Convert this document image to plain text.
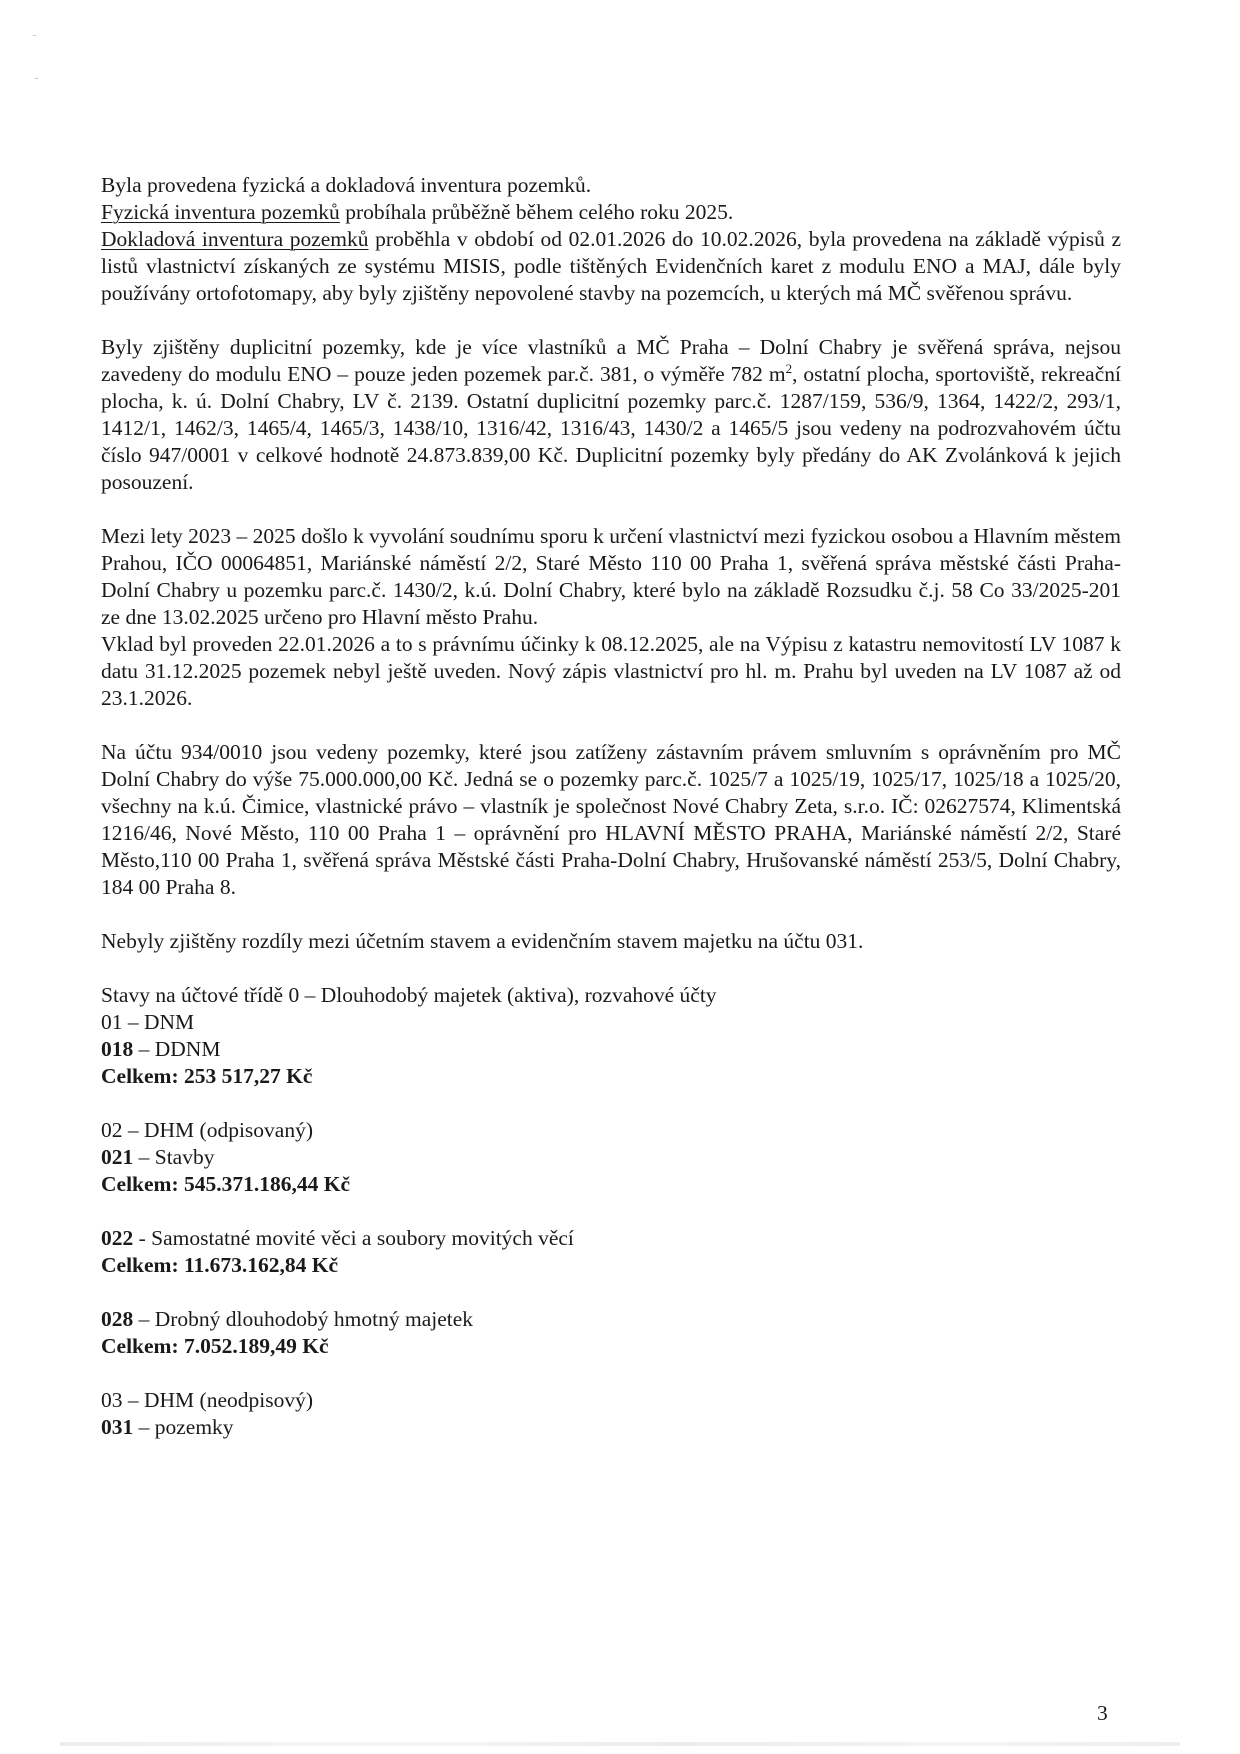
Byla provedena fyzická a dokladová inventura pozemků.

Fyzická inventura pozemků probíhala průběžně během celého roku 2025.

Dokladová inventura pozemků proběhla v období od 02.01.2026 do 10.02.2026, byla provedena na základě výpisů z listů vlastnictví získaných ze systému MISIS, podle tištěných Evidenčních karet z modulu ENO a MAJ, dále byly používány ortofotomapy, aby byly zjištěny nepovolené stavby na pozemcích, u kterých má MČ svěřenou správu.

Byly zjištěny duplicitní pozemky, kde je více vlastníků a MČ Praha – Dolní Chabry je svěřená správa, nejsou zavedeny do modulu ENO – pouze jeden pozemek par.č. 381, o výměře 782 $m^2$, ostatní plocha, sportoviště, rekreační plocha, k. ú. Dolní Chabry, LV č. 2139. Ostatní duplicitní pozemky parc.č. 1287/159, 536/9, 1364, 1422/2, 293/1, 1412/1, 1462/3, 1465/4, 1465/3, 1438/10, 1316/42, 1316/43, 1430/2 a 1465/5 jsou vedeny na podrozvahovém účtu číslo 947/0001 v celkové hodnotě 24.873.839,00 Kč. Duplicitní pozemky byly předány do AK Zvolánková k jejich posouzení.

Mezi lety 2023 – 2025 došlo k vyvolání soudnímu sporu k určení vlastnictví mezi fyzickou osobou a Hlavním městem Prahou, IČO 00064851, Mariánské náměstí 2/2, Staré Město 110 00 Praha 1, svěřená správa městské části Praha-Dolní Chabry u pozemku parc.č. 1430/2, k.ú. Dolní Chabry, které bylo na základě Rozsudku č.j. 58 Co 33/2025-201 ze dne 13.02.2025 určeno pro Hlavní město Prahu.

Vklad byl proveden 22.01.2026 a to s právnímu účinky k 08.12.2025, ale na Výpisu z katastru nemovitostí LV 1087 k datu 31.12.2025 pozemek nebyl ještě uveden. Nový zápis vlastnictví pro hl. m. Prahu byl uveden na LV 1087 až od 23.1.2026.

Na účtu 934/0010 jsou vedeny pozemky, které jsou zatíženy zástavním právem smluvním s oprávněním pro MČ Dolní Chabry do výše 75.000.000,00 Kč. Jedná se o pozemky parc.č. 1025/7 a 1025/19, 1025/17, 1025/18 a 1025/20, všechny na k.ú. Čimice, vlastnické právo – vlastník je společnost Nové Chabry Zeta, s.r.o. IČ: 02627574, Klimentská 1216/46, Nové Město, 110 00 Praha 1 – oprávnění pro HLAVNÍ MĚSTO PRAHA, Mariánské náměstí 2/2, Staré Město,110 00 Praha 1, svěřená správa Městské části Praha-Dolní Chabry, Hrušovanské náměstí 253/5, Dolní Chabry, 184 00 Praha 8.

Nebyly zjištěny rozdíly mezi účetním stavem a evidenčním stavem majetku na účtu 031.

Stavy na účtové třídě 0 – Dlouhodobý majetek (aktiva), rozvahové účty

01 – DNM

018 – DDNM

Celkem: 253 517,27 Kč

02 – DHM (odpisovaný)

021 – Stavby

Celkem: 545.371.186,44 Kč

022 - Samostatné movité věci a soubory movitých věcí

Celkem: 11.673.162,84 Kč

028 – Drobný dlouhodobý hmotný majetek

Celkem: 7.052.189,49 Kč

03 – DHM (neodpisový)

031 – pozemky

3
